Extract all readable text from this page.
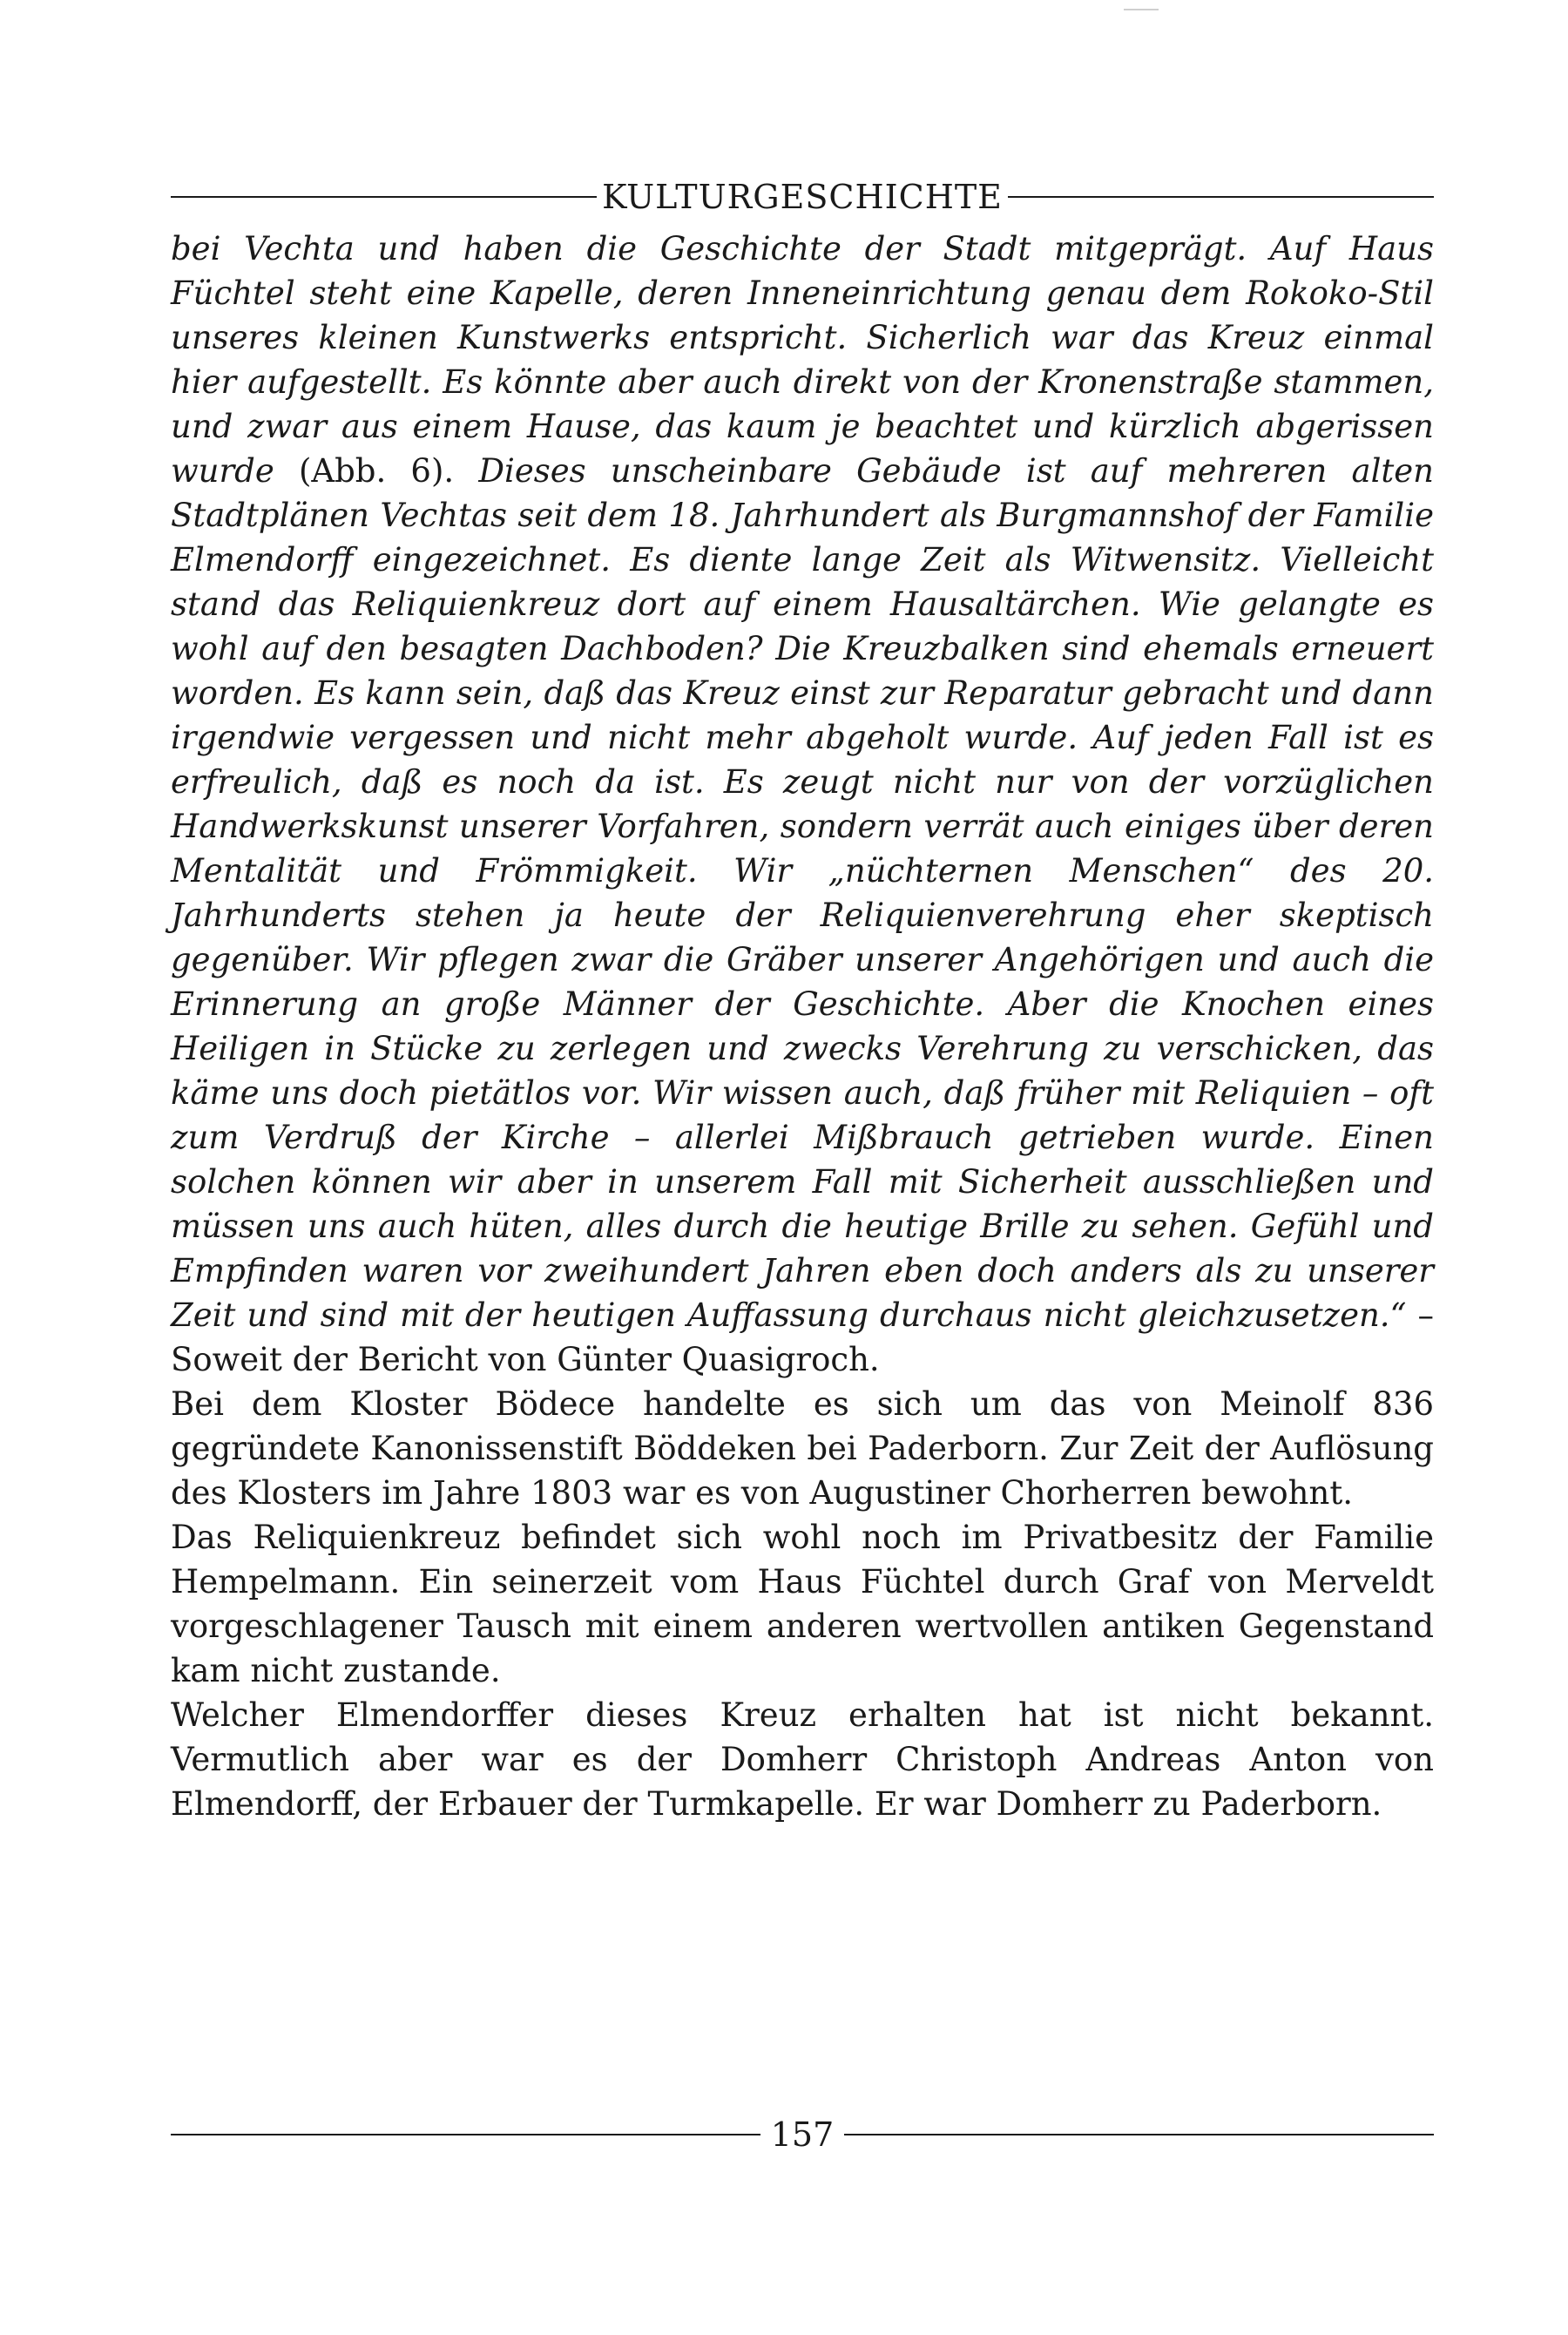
KULTURGESCHICHTE

bei Vechta und haben die Geschichte der Stadt mitgeprägt. Auf Haus Füchtel steht eine Kapelle, deren Inneneinrichtung genau dem Rokoko-Stil unseres kleinen Kunstwerks entspricht. Sicherlich war das Kreuz einmal hier aufgestellt. Es könnte aber auch direkt von der Kronenstraße stammen, und zwar aus einem Hause, das kaum je beachtet und kürzlich abgerissen wurde (Abb. 6). Dieses unscheinbare Gebäude ist auf mehreren alten Stadtplänen Vechtas seit dem 18. Jahrhundert als Burgmannshof der Familie Elmendorff eingezeichnet. Es diente lange Zeit als Witwensitz. Vielleicht stand das Reliquienkreuz dort auf einem Hausaltärchen. Wie gelangte es wohl auf den besagten Dachboden? Die Kreuzbalken sind ehemals erneuert worden. Es kann sein, daß das Kreuz einst zur Reparatur gebracht und dann irgendwie vergessen und nicht mehr abgeholt wurde. Auf jeden Fall ist es erfreulich, daß es noch da ist. Es zeugt nicht nur von der vorzüglichen Handwerkskunst unserer Vorfahren, sondern verrät auch einiges über deren Mentalität und Frömmigkeit. Wir „nüchternen Menschen“ des 20. Jahrhunderts stehen ja heute der Reliquienverehrung eher skeptisch gegenüber. Wir pflegen zwar die Gräber unserer Angehörigen und auch die Erinnerung an große Männer der Geschichte. Aber die Knochen eines Heiligen in Stücke zu zerlegen und zwecks Verehrung zu verschicken, das käme uns doch pietätlos vor. Wir wissen auch, daß früher mit Reliquien – oft zum Verdruß der Kirche – allerlei Mißbrauch getrieben wurde. Einen solchen können wir aber in unserem Fall mit Sicherheit ausschließen und müssen uns auch hüten, alles durch die heutige Brille zu sehen. Gefühl und Empfinden waren vor zweihundert Jahren eben doch anders als zu unserer Zeit und sind mit der heutigen Auffassung durchaus nicht gleichzusetzen.“ – Soweit der Bericht von Günter Quasigroch.

Bei dem Kloster Bödece handelte es sich um das von Meinolf 836 gegründete Kanonissenstift Böddeken bei Paderborn. Zur Zeit der Auflösung des Klosters im Jahre 1803 war es von Augustiner Chorherren bewohnt.

Das Reliquienkreuz befindet sich wohl noch im Privatbesitz der Familie Hempelmann. Ein seinerzeit vom Haus Füchtel durch Graf von Merveldt vorgeschlagener Tausch mit einem anderen wertvollen antiken Gegenstand kam nicht zustande.

Welcher Elmendorffer dieses Kreuz erhalten hat ist nicht bekannt. Vermutlich aber war es der Domherr Christoph Andreas Anton von Elmendorff, der Erbauer der Turmkapelle. Er war Domherr zu Paderborn.

157
